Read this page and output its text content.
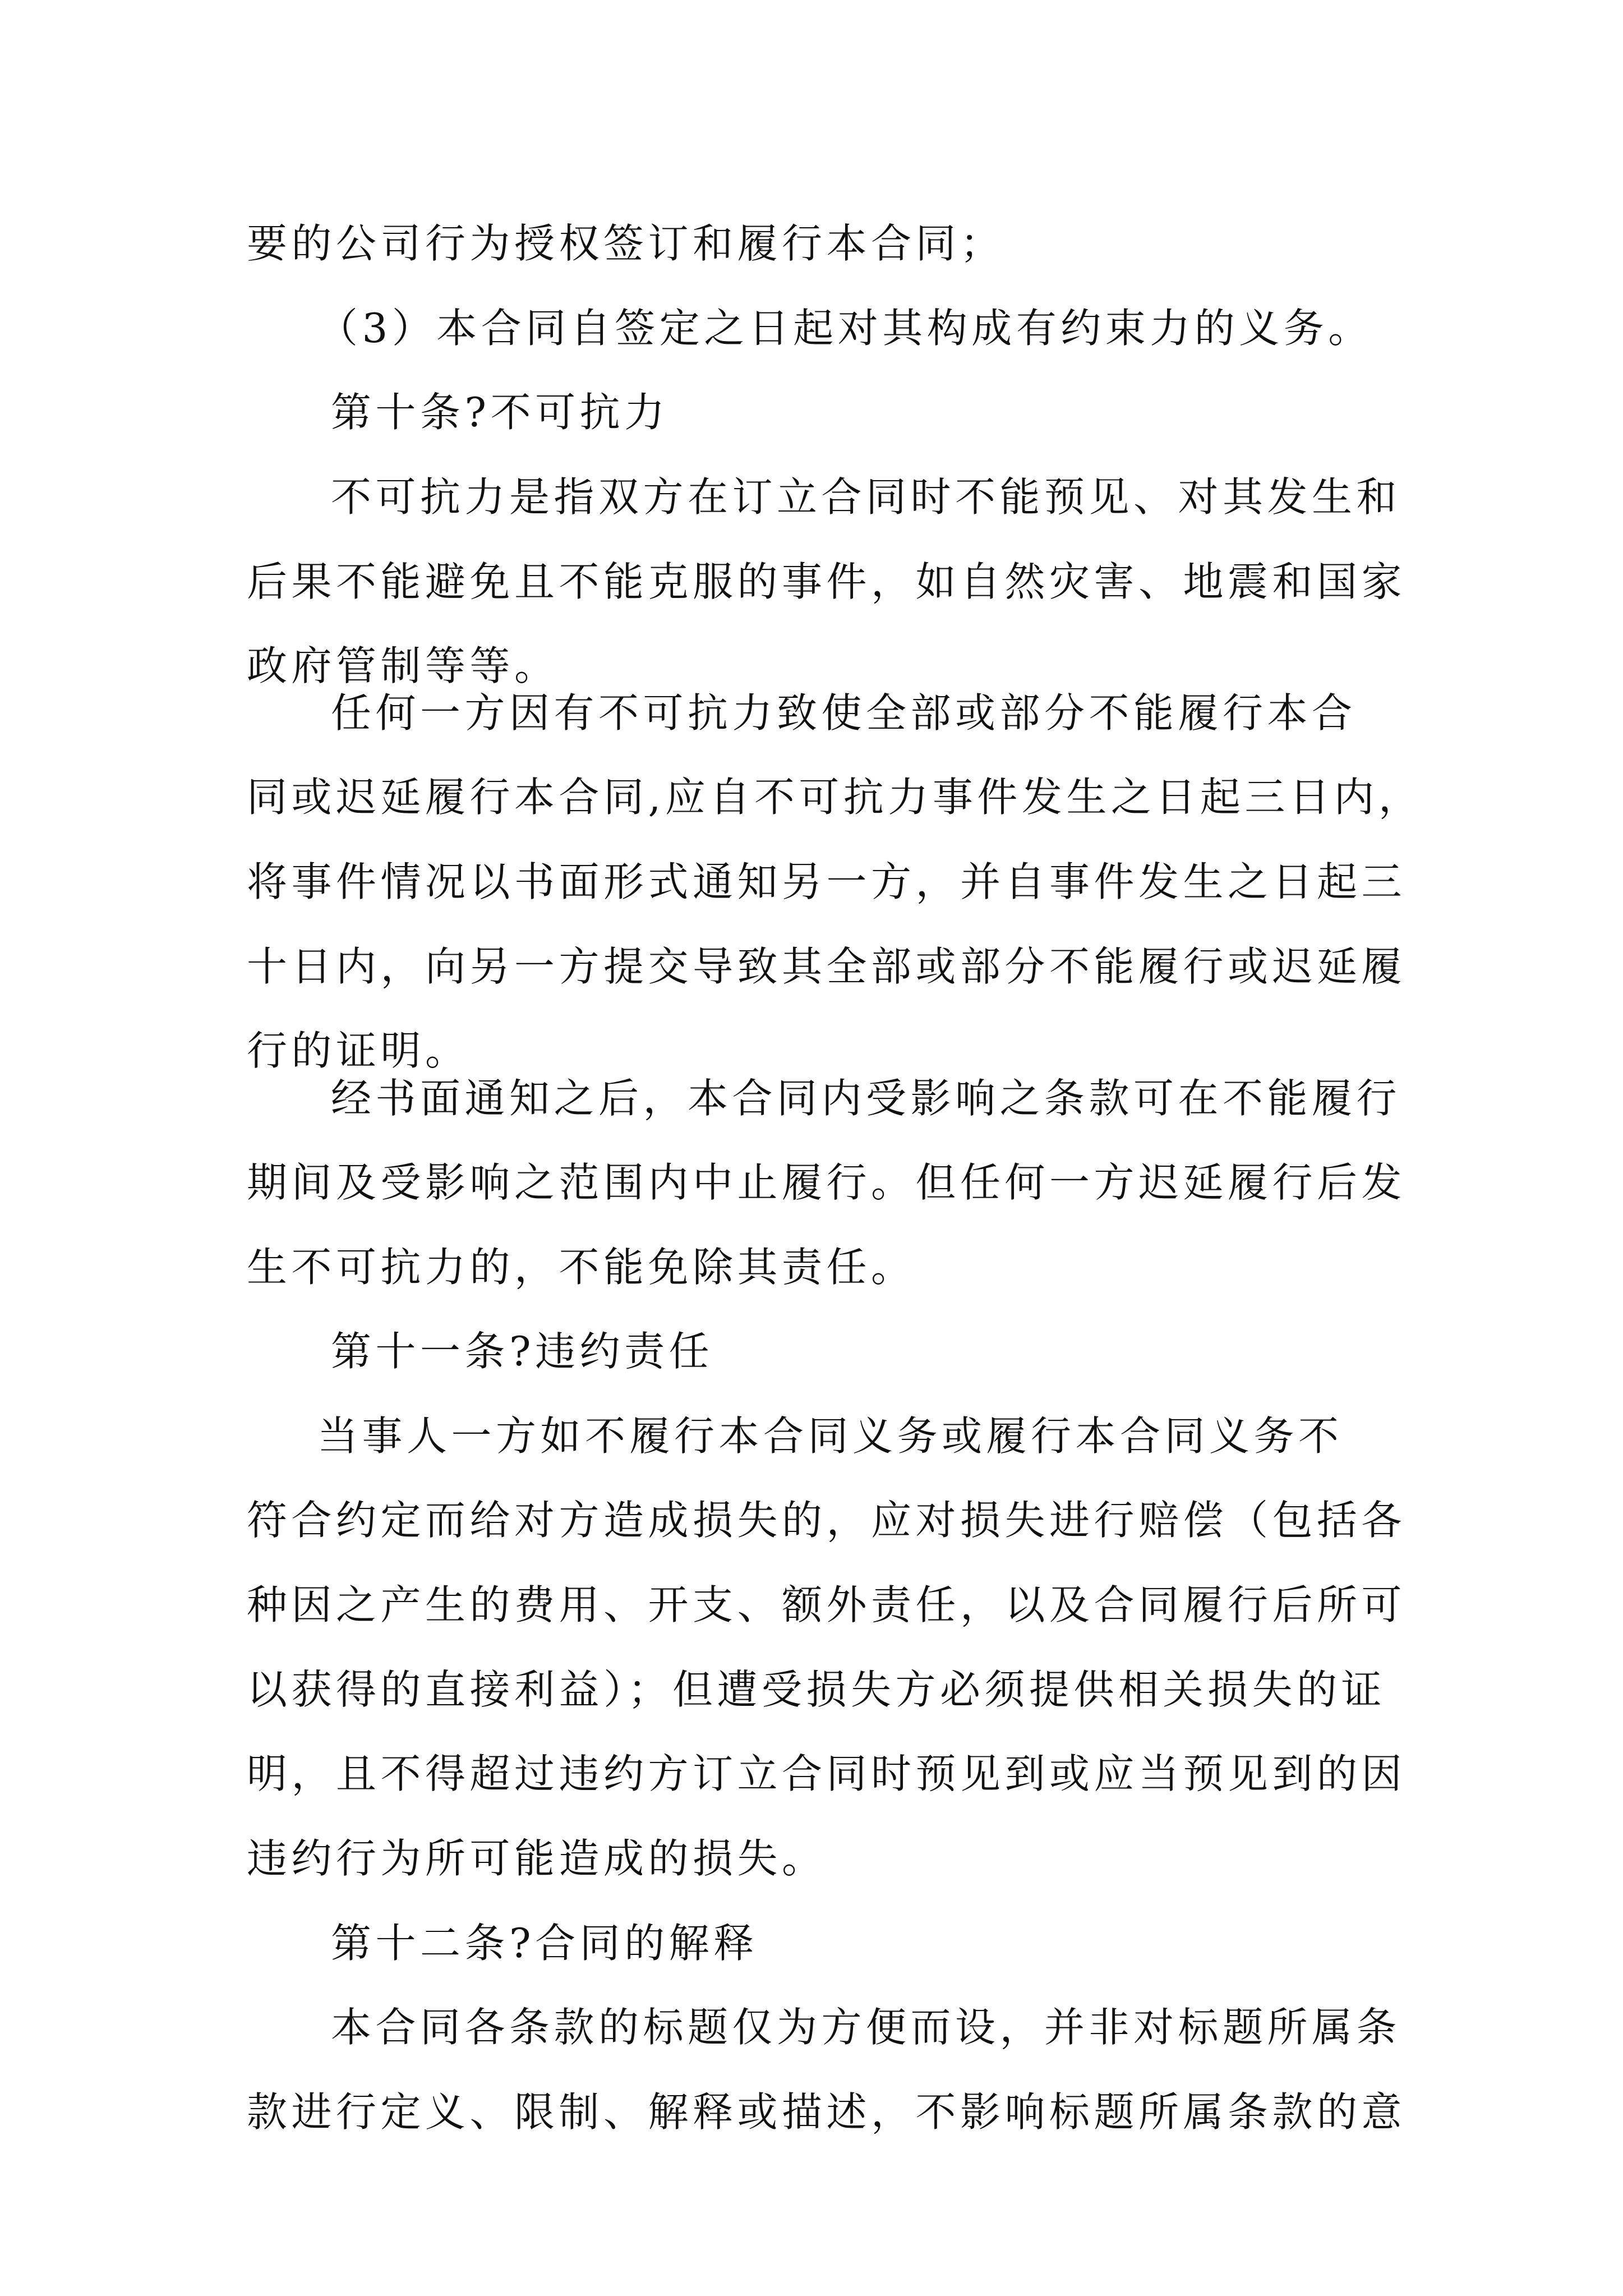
要的公司行为授权签订和履行本合同；
（3）本合同自签定之日起对其构成有约束力的义务。
第十条?不可抗力
不可抗力是指双方在订立合同时不能预见、对其发生和
后果不能避免且不能克服的事件，如自然灾害、地震和国家
政府管制等等。
任何一方因有不可抗力致使全部或部分不能履行本合
同或迟延履行本合同,应自不可抗力事件发生之日起三日内，
将事件情况以书面形式通知另一方，并自事件发生之日起三
十日内，向另一方提交导致其全部或部分不能履行或迟延履
行的证明。
经书面通知之后，本合同内受影响之条款可在不能履行
期间及受影响之范围内中止履行。但任何一方迟延履行后发
生不可抗力的，不能免除其责任。
第十一条?违约责任
当事人一方如不履行本合同义务或履行本合同义务不
符合约定而给对方造成损失的，应对损失进行赔偿（包括各
种因之产生的费用、开支、额外责任，以及合同履行后所可
以获得的直接利益）；但遭受损失方必须提供相关损失的证
明，且不得超过违约方订立合同时预见到或应当预见到的因
违约行为所可能造成的损失。
第十二条?合同的解释
本合同各条款的标题仅为方便而设，并非对标题所属条
款进行定义、限制、解释或描述，不影响标题所属条款的意
